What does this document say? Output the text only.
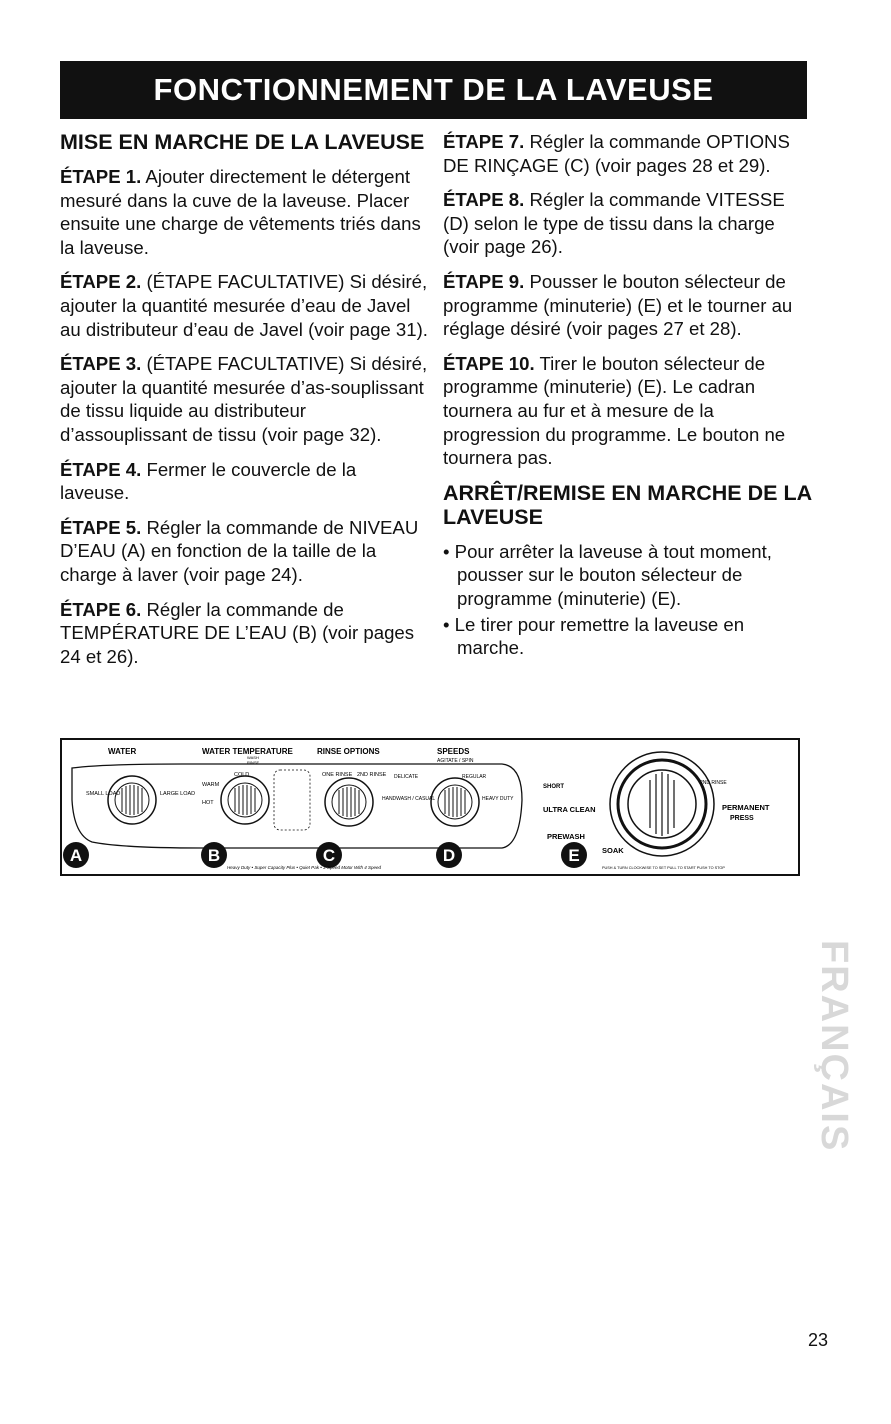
FONCTIONNEMENT DE LA LAVEUSE
MISE EN MARCHE DE LA LAVEUSE
ÉTAPE 1. Ajouter directement le détergent mesuré dans la cuve de la laveuse. Placer ensuite une charge de vêtements triés dans la laveuse.
ÉTAPE 2. (ÉTAPE FACULTATIVE) Si désiré, ajouter la quantité mesurée d’eau de Javel au distributeur d’eau de Javel (voir page 31).
ÉTAPE 3. (ÉTAPE FACULTATIVE) Si désiré, ajouter la quantité mesurée d’as-souplissant de tissu liquide au distributeur d’assouplissant de tissu (voir page 32).
ÉTAPE 4. Fermer le couvercle de la laveuse.
ÉTAPE 5. Régler la commande de NIVEAU D’EAU (A) en fonction de la taille de la charge à laver (voir page 24).
ÉTAPE 6. Régler la commande de TEMPÉRATURE DE L’EAU (B) (voir pages 24 et 26).
ÉTAPE 7. Régler la commande OPTIONS DE RINÇAGE (C) (voir pages 28 et 29).
ÉTAPE 8. Régler la commande VITESSE (D) selon le type de tissu dans la charge (voir page 26).
ÉTAPE 9. Pousser le bouton sélecteur de programme (minuterie) (E) et le tourner au réglage désiré (voir pages 27 et 28).
ÉTAPE 10. Tirer le bouton sélecteur de programme (minuterie) (E). Le cadran tournera au fur et à mesure de la progression du programme. Le bouton ne tournera pas.
ARRÊT/REMISE EN MARCHE DE LA LAVEUSE
• Pour arrêter la laveuse à tout moment, pousser sur le bouton sélecteur de programme (minuterie) (E).
• Le tirer pour remettre la laveuse en marche.
WATER	WATER TEMPERATURE	RINSE OPTIONS	SPEEDS
AGITATE / SPIN
SMALL LOAD	LARGE LOAD
COLD
WARM
HOT
WASH
RINSE
ONE RINSE 2ND RINSE DELICATE	REGULAR
HANDWASH / CASUAL	HEAVY DUTY
A	B	C	D
Heavy Duty • Super Capacity Plus • Quiet Pak • 3-Speed Motor With 4 Speed
SHORT
ULTRA CLEAN
PREWASH
SOAK
PERMANENT
PRESS
2ND RINSE
E
PUSH & TURN CLOCKWISE TO SET PULL TO START PUSH TO STOP
FRANÇAIS
23
